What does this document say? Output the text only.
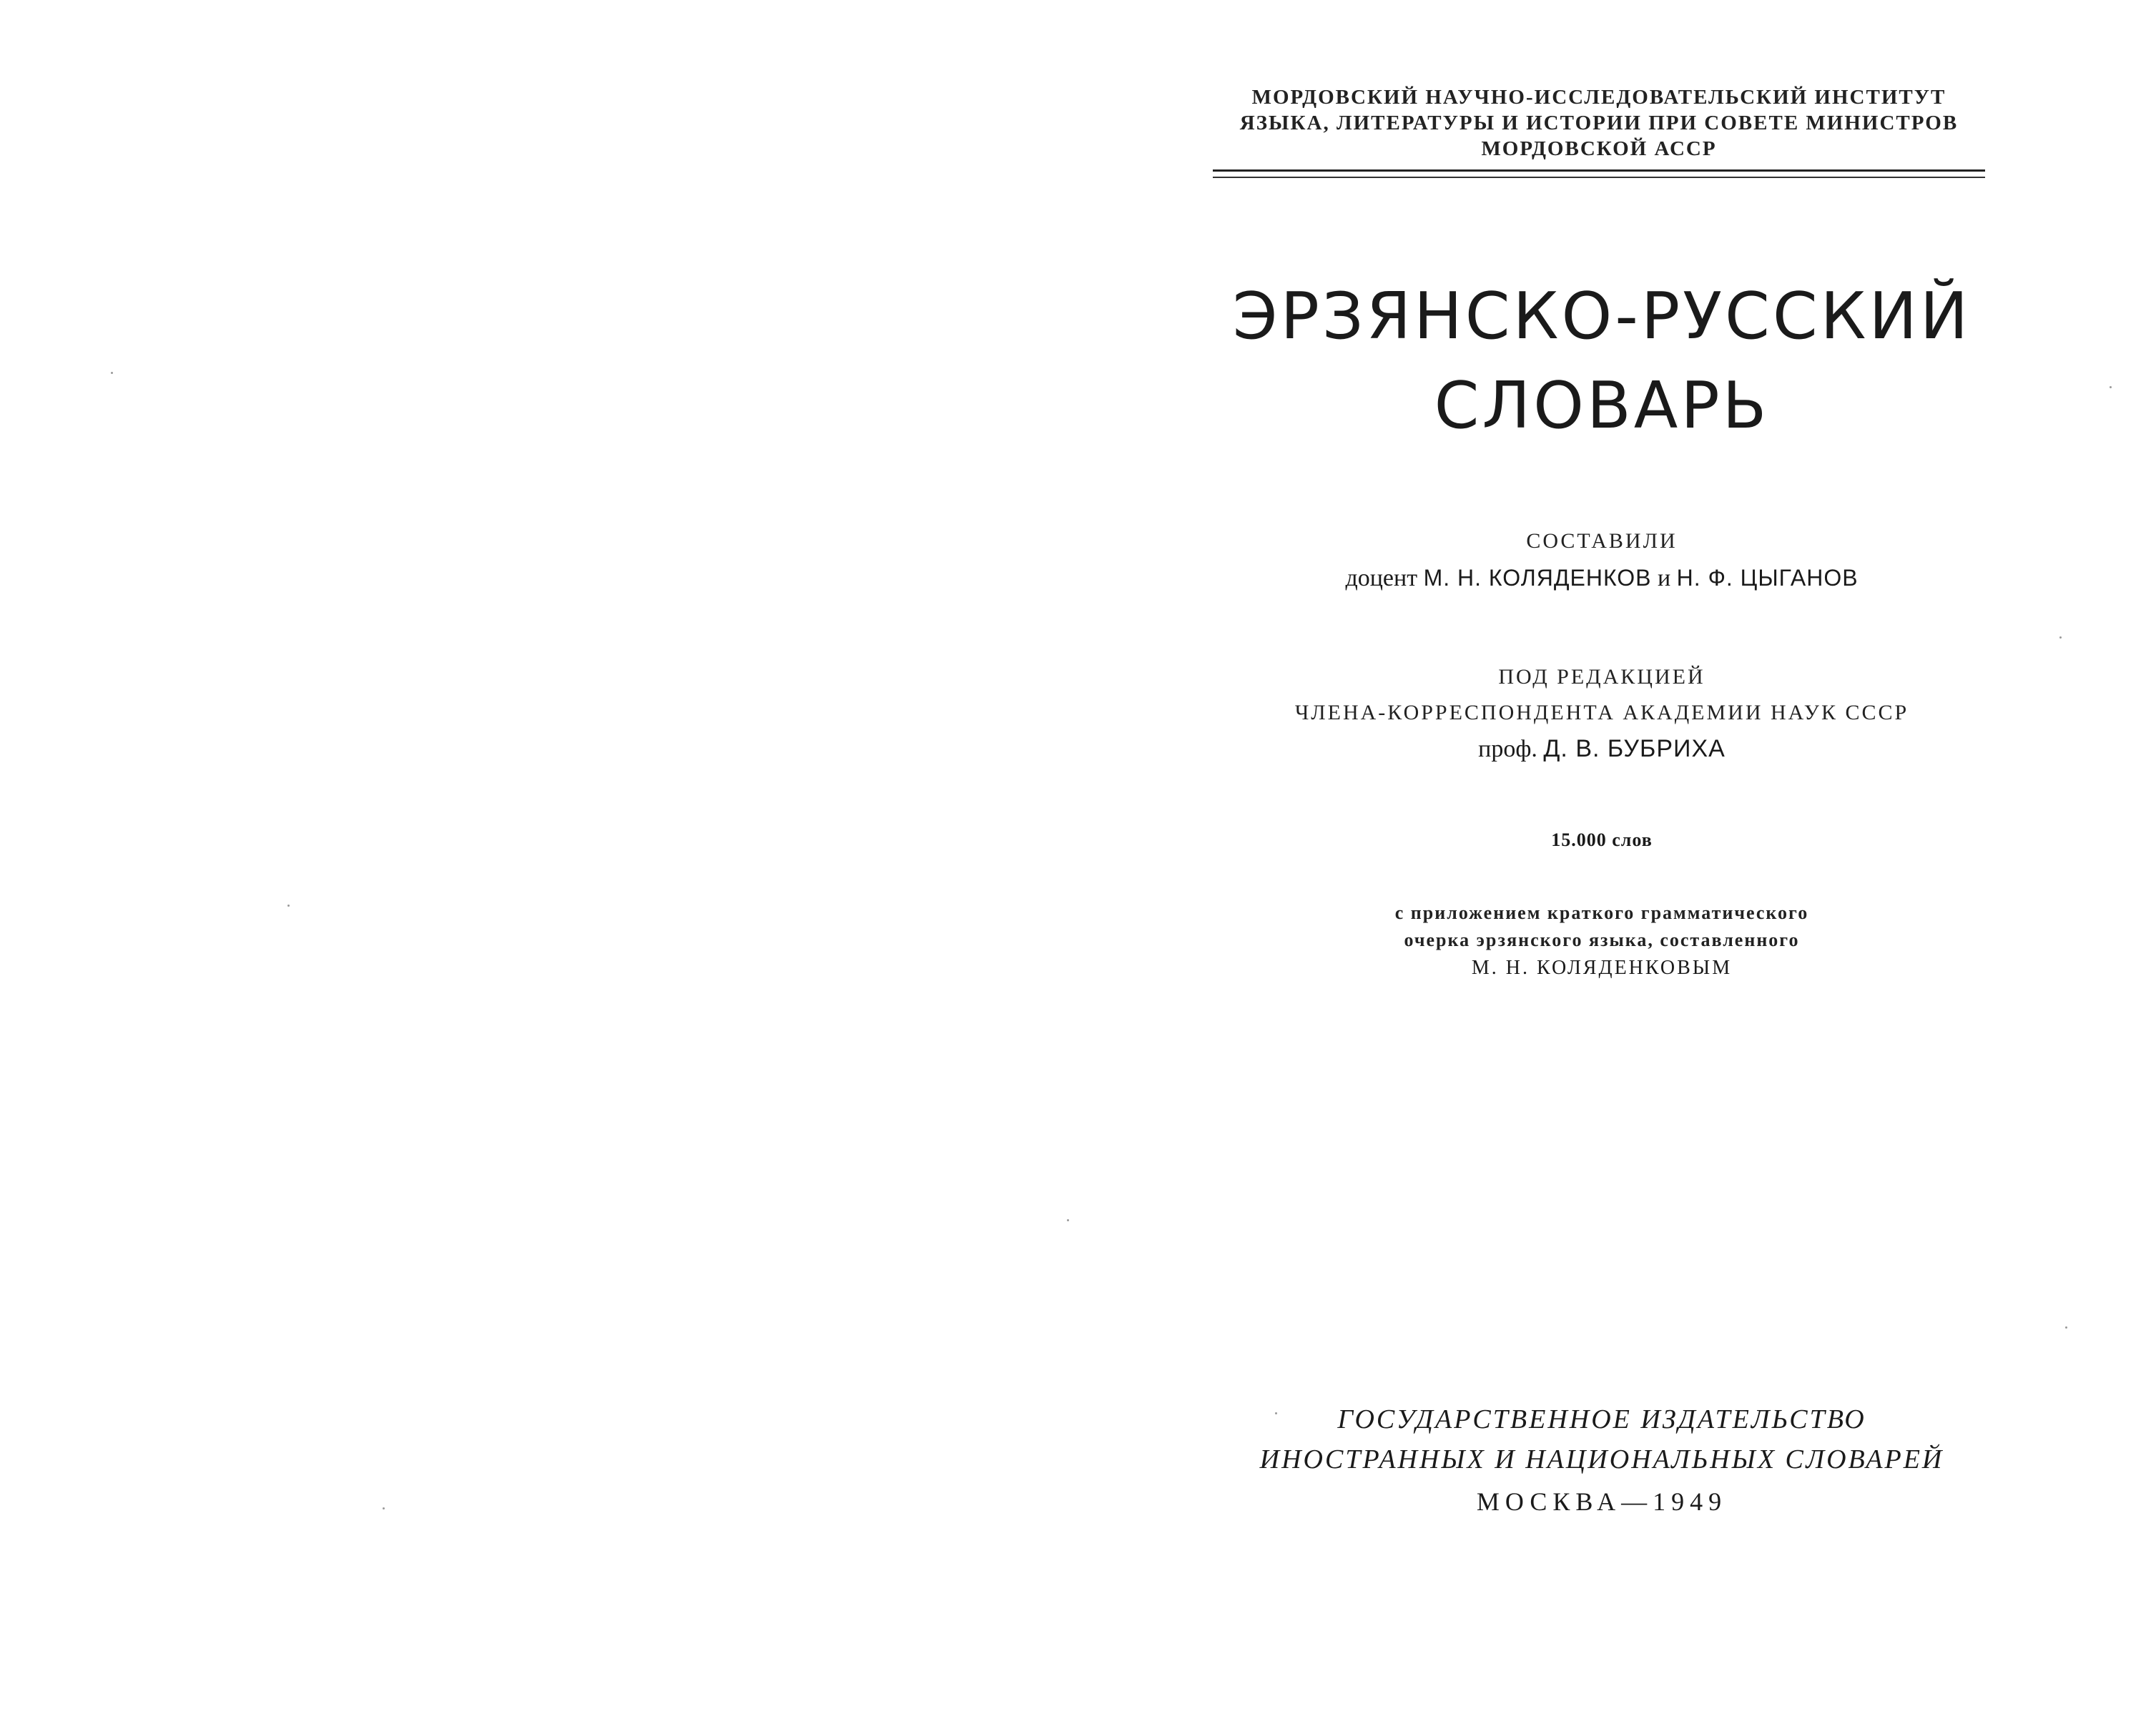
МОРДОВСКИЙ НАУЧНО-ИССЛЕДОВАТЕЛЬСКИЙ ИНСТИТУТ
ЯЗЫКА, ЛИТЕРАТУРЫ И ИСТОРИИ ПРИ СОВЕТЕ МИНИСТРОВ
МОРДОВСКОЙ АССР
ЭРЗЯНСКО-РУССКИЙ
СЛОВАРЬ
СОСТАВИЛИ
доцент М. Н. КОЛЯДЕНКОВ и Н. Ф. ЦЫГАНОВ
ПОД РЕДАКЦИЕЙ
ЧЛЕНА-КОРРЕСПОНДЕНТА АКАДЕМИИ НАУК СССР
проф. Д. В. БУБРИХА
15.000 слов
с приложением краткого грамматического
очерка эрзянского языка, составленного
М. Н. КОЛЯДЕНКОВЫМ
ГОСУДАРСТВЕННОЕ ИЗДАТЕЛЬСТВО
ИНОСТРАННЫХ И НАЦИОНАЛЬНЫХ СЛОВАРЕЙ
МОСКВА—1949
